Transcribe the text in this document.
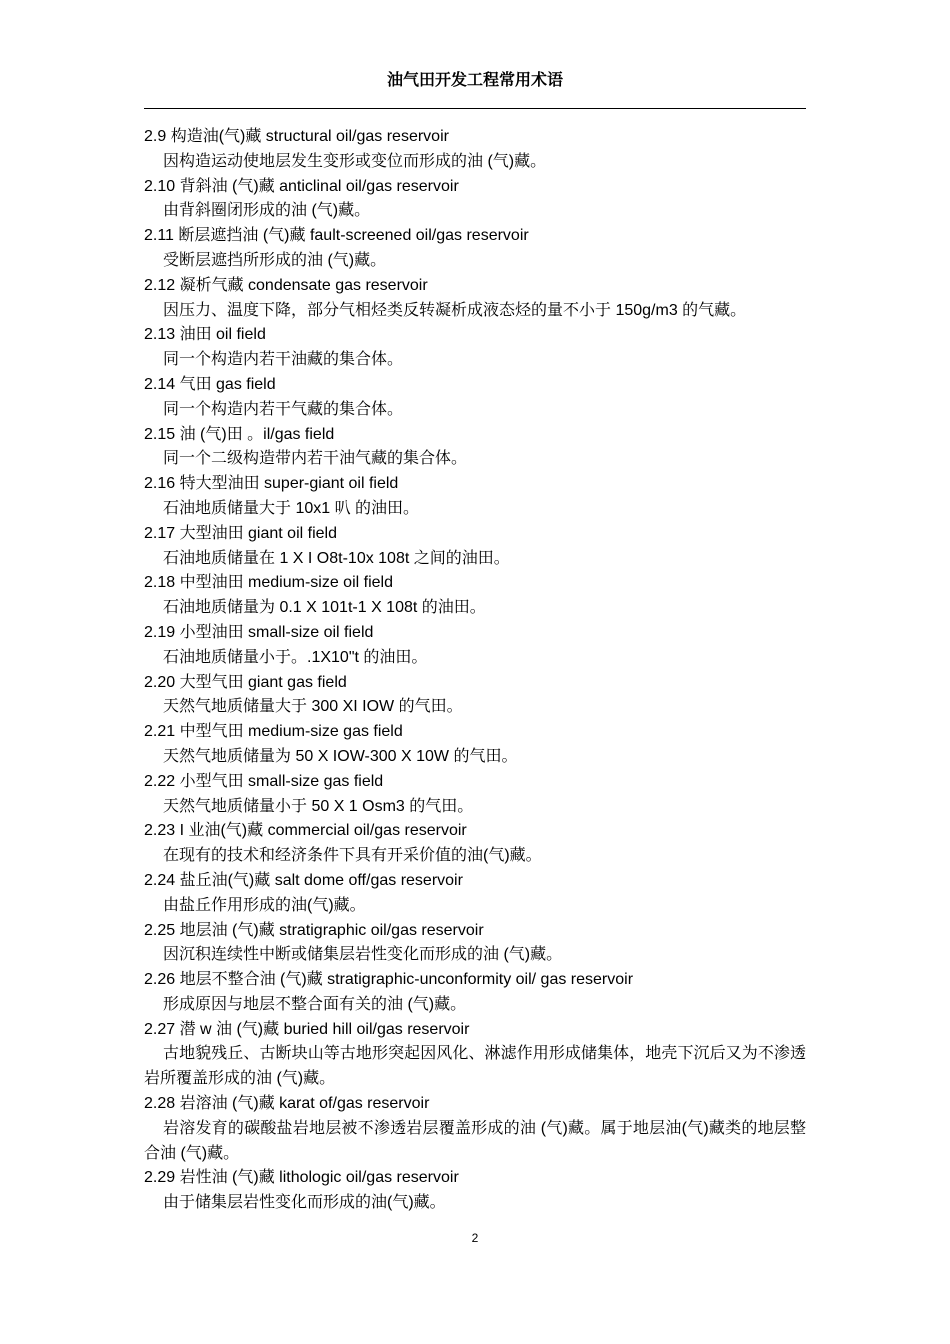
油气田开发工程常用术语
2.9 构造油(气)藏 structural oil/gas reservoir
因构造运动使地层发生变形或变位而形成的油 (气)藏。
2.10 背斜油 (气)藏 anticlinal oil/gas reservoir
由背斜圈闭形成的油 (气)藏。
2.11 断层遮挡油 (气)藏 fault-screened oil/gas reservoir
受断层遮挡所形成的油 (气)藏。
2.12 凝析气藏 condensate gas reservoir
因压力、温度下降，部分气相烃类反转凝析成液态烃的量不小于 150g/m3 的气藏。
2.13 油田 oil field
同一个构造内若干油藏的集合体。
2.14 气田 gas field
同一个构造内若干气藏的集合体。
2.15 油 (气)田 。il/gas field
同一个二级构造带内若干油气藏的集合体。
2.16 特大型油田 super-giant oil field
石油地质储量大于 10x1 叭 的油田。
2.17 大型油田 giant oil field
石油地质储量在 1 X I O8t-10x 108t 之间的油田。
2.18 中型油田 medium-size oil field
石油地质储量为 0.1 X 101t-1 X 108t 的油田。
2.19 小型油田 small-size oil field
石油地质储量小于。.1X10"t 的油田。
2.20 大型气田 giant gas field
天然气地质储量大于 300 XI IOW 的气田。
2.21 中型气田 medium-size gas field
天然气地质储量为 50 X IOW-300 X 10W 的气田。
2.22 小型气田 small-size gas field
天然气地质储量小于 50 X 1 Osm3 的气田。
2.23 I 业油(气)藏 commercial oil/gas reservoir
在现有的技术和经济条件下具有开采价值的油(气)藏。
2.24 盐丘油(气)藏 salt dome off/gas reservoir
由盐丘作用形成的油(气)藏。
2.25 地层油 (气)藏 stratigraphic oil/gas reservoir
因沉积连续性中断或储集层岩性变化而形成的油 (气)藏。
2.26 地层不整合油 (气)藏 stratigraphic-unconformity oil/ gas reservoir
形成原因与地层不整合面有关的油 (气)藏。
2.27 潜 w 油 (气)藏 buried hill oil/gas reservoir
古地貌残丘、古断块山等古地形突起因风化、淋滤作用形成储集体，地壳下沉后又为不渗透岩所覆盖形成的油 (气)藏。
2.28 岩溶油 (气)藏 karat of/gas reservoir
岩溶发育的碳酸盐岩地层被不渗透岩层覆盖形成的油 (气)藏。属于地层油(气)藏类的地层整合油 (气)藏。
2.29 岩性油 (气)藏 lithologic oil/gas reservoir
由于储集层岩性变化而形成的油(气)藏。
2
